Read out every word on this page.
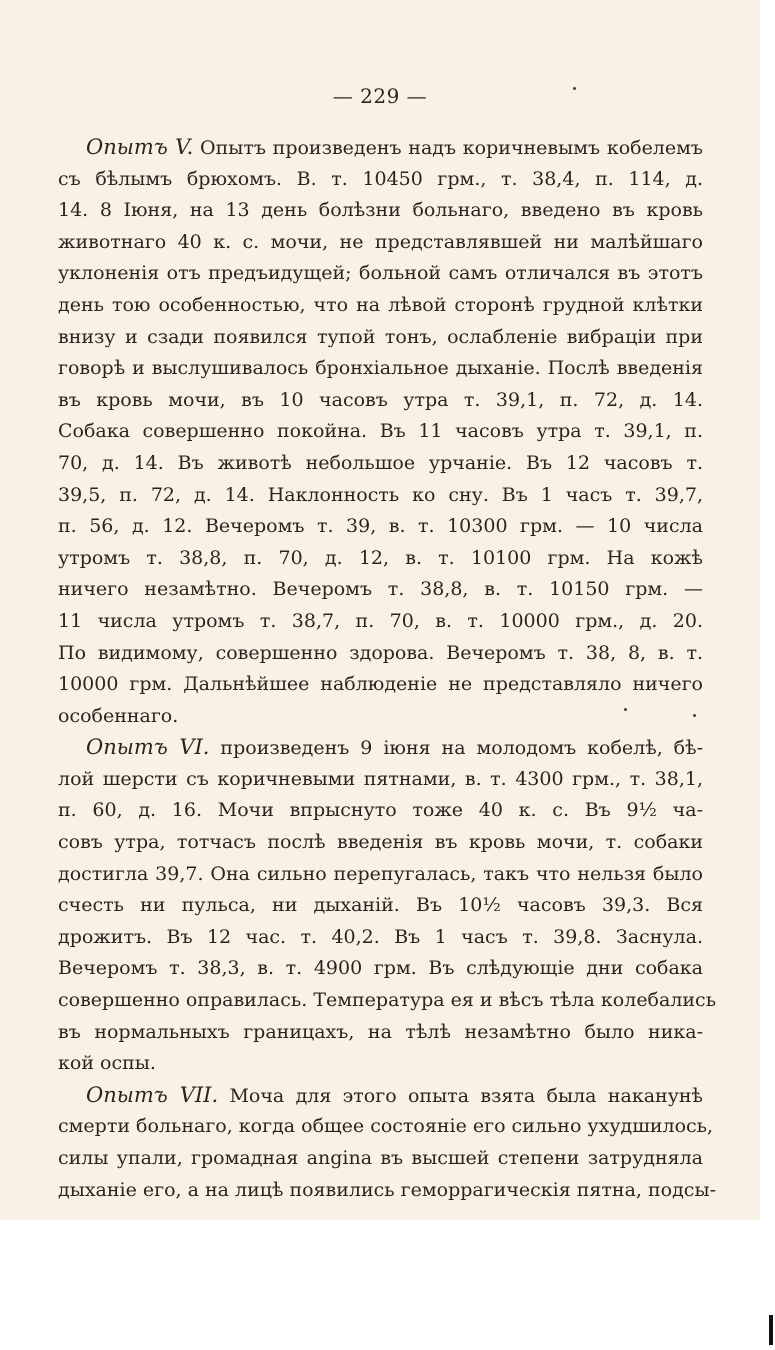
— 229 —
Опытъ V. Опытъ произведенъ надъ коричневымъ кобелемъ
съ бѣлымъ брюхомъ. В. т. 10450 грм., т. 38,4, п. 114, д.
14. 8 Іюня, на 13 день болѣзни больнаго, введено въ кровь
животнаго 40 к. с. мочи, не представлявшей ни малѣйшаго
уклоненія отъ предъидущей; больной самъ отличался въ этотъ
день тою особенностью, что на лѣвой сторонѣ грудной клѣтки
внизу и сзади появился тупой тонъ, ослабленіе вибраціи при
говорѣ и выслушивалось бронхіальное дыханіе. Послѣ введенія
въ кровь мочи, въ 10 часовъ утра т. 39,1, п. 72, д. 14.
Собака совершенно покойна. Въ 11 часовъ утра т. 39,1, п.
70, д. 14. Въ животѣ небольшое урчаніе. Въ 12 часовъ т.
39,5, п. 72, д. 14. Наклонность ко сну. Въ 1 часъ т. 39,7,
п. 56, д. 12. Вечеромъ т. 39, в. т. 10300 грм. — 10 числа
утромъ т. 38,8, п. 70, д. 12, в. т. 10100 грм. На кожѣ
ничего незамѣтно. Вечеромъ т. 38,8, в. т. 10150 грм. —
11 числа утромъ т. 38,7, п. 70, в. т. 10000 грм., д. 20.
По видимому, совершенно здорова. Вечеромъ т. 38, 8, в. т.
10000 грм. Дальнѣйшее наблюденіе не представляло ничего
особеннаго.
Опытъ VI. произведенъ 9 іюня на молодомъ кобелѣ, бѣ-
лой шерсти съ коричневыми пятнами, в. т. 4300 грм., т. 38,1,
п. 60, д. 16. Мочи впрыснуто тоже 40 к. с. Въ 9½ ча-
совъ утра, тотчасъ послѣ введенія въ кровь мочи, т. собаки
достигла 39,7. Она сильно перепугалась, такъ что нельзя было
счесть ни пульса, ни дыханій. Въ 10½ часовъ 39,3. Вся
дрожитъ. Въ 12 час. т. 40,2. Въ 1 часъ т. 39,8. Заснула.
Вечеромъ т. 38,3, в. т. 4900 грм. Въ слѣдующіе дни собака
совершенно оправилась. Температура ея и вѣсъ тѣла колебались
въ нормальныхъ границахъ, на тѣлѣ незамѣтно было ника-
кой оспы.
Опытъ VII. Моча для этого опыта взята была наканунѣ
смерти больнаго, когда общее состояніе его сильно ухудшилось,
силы упали, громадная angina въ высшей степени затрудняла
дыханіе его, а на лицѣ появились геморрагическія пятна, подсы-
